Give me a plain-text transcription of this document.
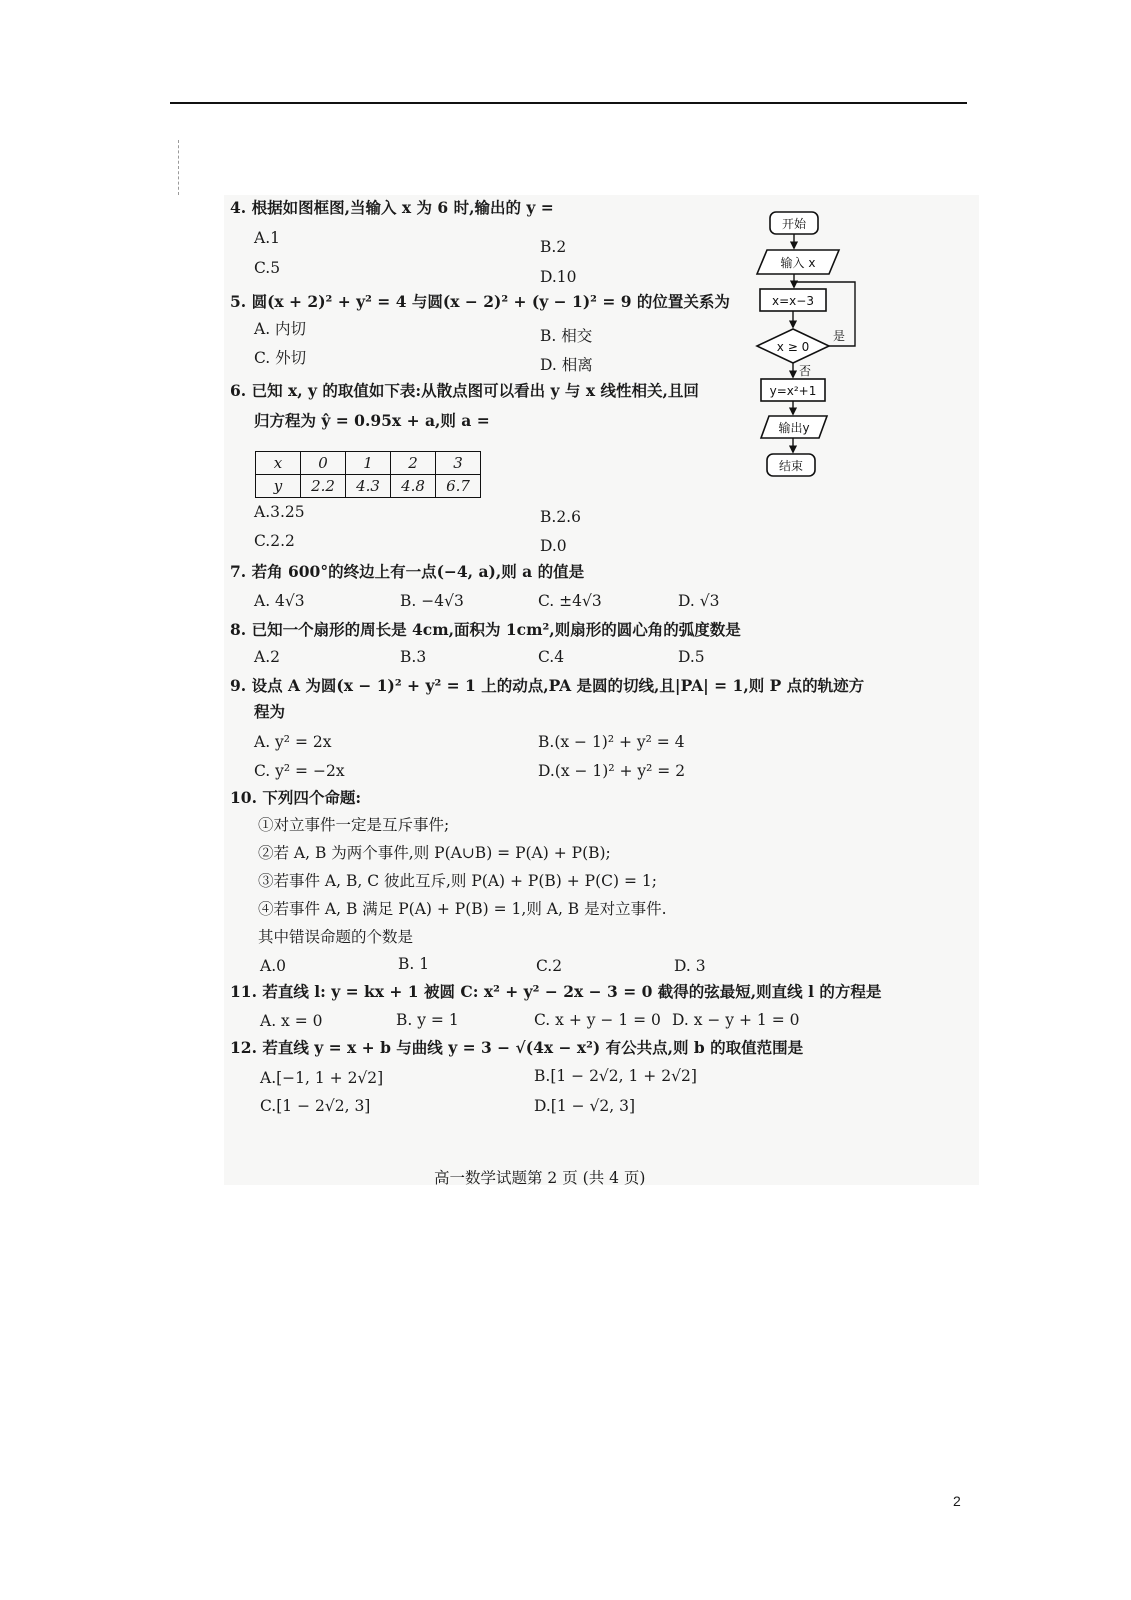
4. 根据如图框图,当输入 x 为 6 时,输出的 y =
A.1	B.2
C.5	D.10
5. 圆(x + 2)² + y² = 4 与圆(x − 2)² + (y − 1)² = 9 的位置关系为
A. 内切	B. 相交
C. 外切	D. 相离
6. 已知 x, y 的取值如下表:从散点图可以看出 y 与 x 线性相关,且回
归方程为 ŷ = 0.95x + a,则 a =
x	0	1	2	3
y	2.2	4.3	4.8	6.7
A.3.25	B.2.6
C.2.2	D.0
7. 若角 600°的终边上有一点(−4, a),则 a 的值是
A. 4√3	B. −4√3	C. ±4√3	D. √3
8. 已知一个扇形的周长是 4cm,面积为 1cm²,则扇形的圆心角的弧度数是
A.2	B.3	C.4	D.5
9. 设点 A 为圆(x − 1)² + y² = 1 上的动点,PA 是圆的切线,且|PA| = 1,则 P 点的轨迹方
程为
A. y² = 2x	B.(x − 1)² + y² = 4
C. y² = −2x	D.(x − 1)² + y² = 2
10. 下列四个命题:
①对立事件一定是互斥事件;
②若 A, B 为两个事件,则 P(A∪B) = P(A) + P(B);
③若事件 A, B, C 彼此互斥,则 P(A) + P(B) + P(C) = 1;
④若事件 A, B 满足 P(A) + P(B) = 1,则 A, B 是对立事件.
其中错误命题的个数是
A.0	B. 1	C.2	D. 3
11. 若直线 l: y = kx + 1 被圆 C: x² + y² − 2x − 3 = 0 截得的弦最短,则直线 l 的方程是
A. x = 0	B. y = 1	C. x + y − 1 = 0 D. x − y + 1 = 0
12. 若直线 y = x + b 与曲线 y = 3 − √(4x − x²) 有公共点,则 b 的取值范围是
A.[−1, 1 + 2√2]	B.[1 − 2√2, 1 + 2√2]
C.[1 − 2√2, 3]	D.[1 − √2, 3]
开始
输入 x
x=x−3
x ≥ 0
是
否
y=x²+1
输出y
结束
高一数学试题第 2 页 (共 4 页)
2
